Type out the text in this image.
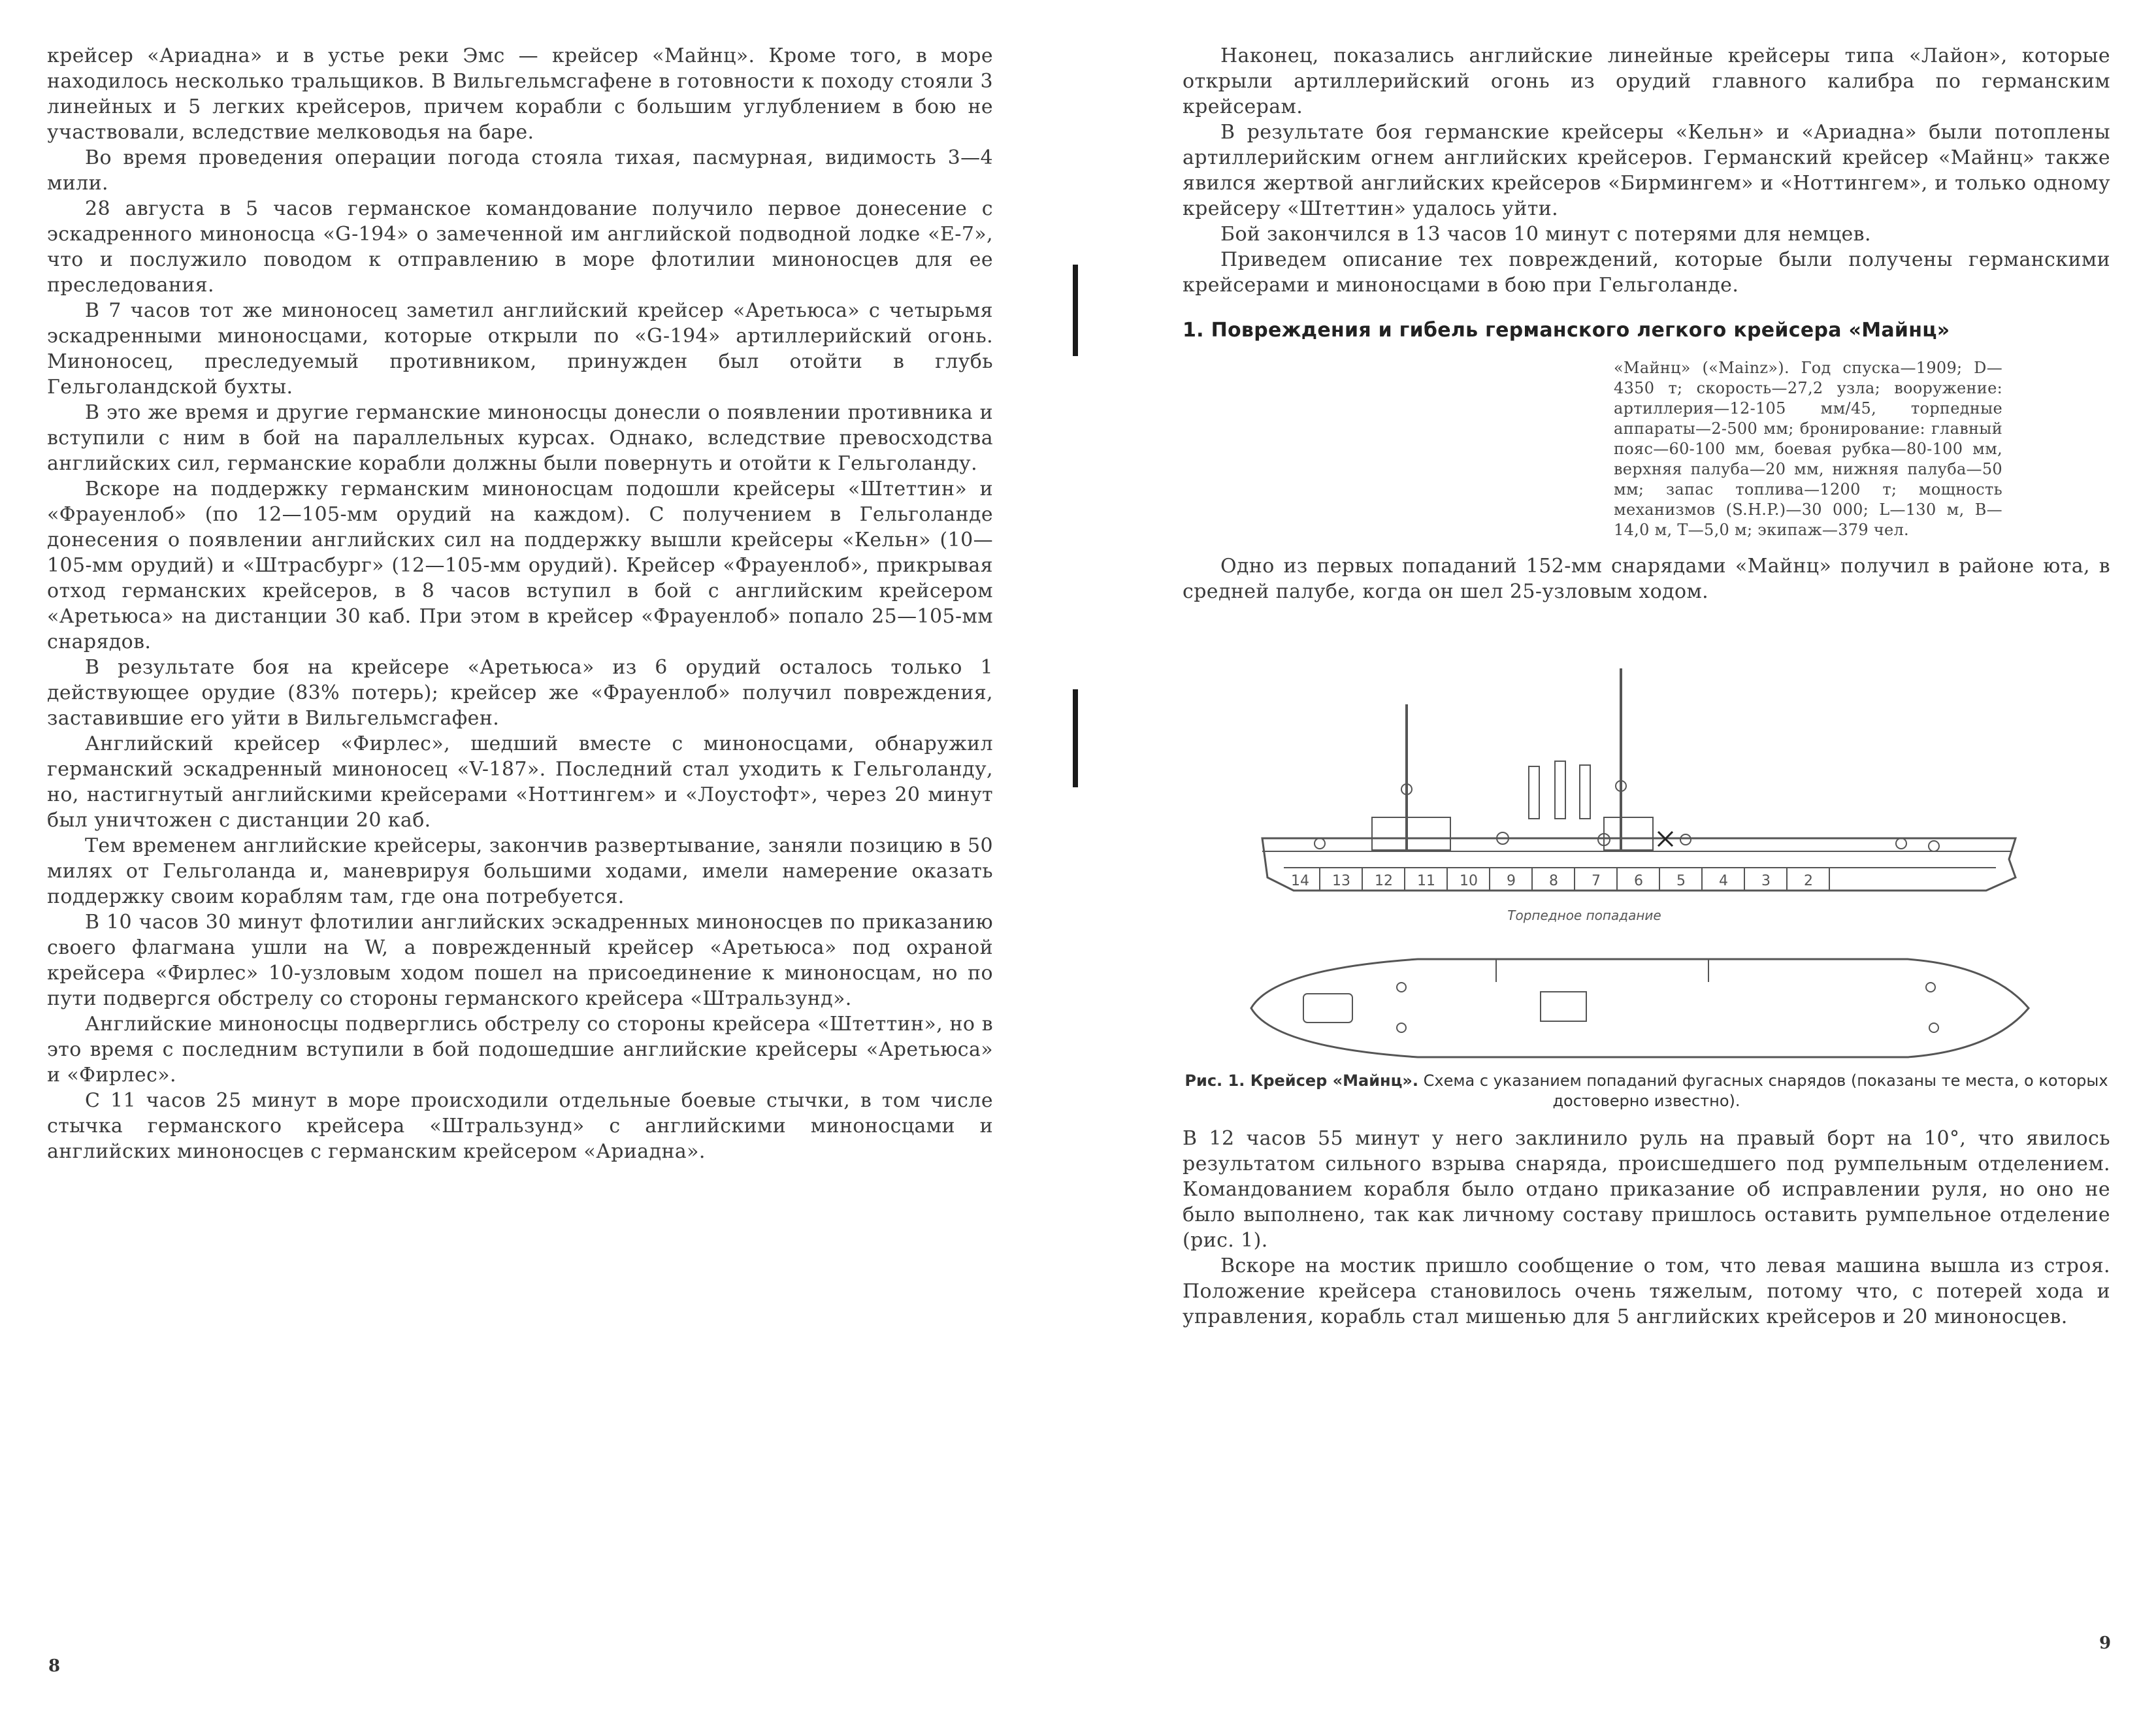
крейсер «Ариадна» и в устье реки Эмс — крейсер «Майнц». Кроме того, в море находилось несколько тральщиков. В Вильгельмсгафене в готовности к походу стояли 3 линейных и 5 легких крейсеров, причем корабли с большим углублением в бою не участвовали, вследствие мелководья на баре.

Во время проведения операции погода стояла тихая, пасмурная, видимость 3—4 мили.

28 августа в 5 часов германское командование получило первое донесение с эскадренного миноносца «G-194» о замеченной им английской подводной лодке «Е-7», что и послужило поводом к отправлению в море флотилии миноносцев для ее преследования.

В 7 часов тот же миноносец заметил английский крейсер «Аретьюса» с четырьмя эскадренными миноносцами, которые открыли по «G-194» артиллерийский огонь. Миноносец, преследуемый противником, принужден был отойти в глубь Гельголандской бухты.

В это же время и другие германские миноносцы донесли о появлении противника и вступили с ним в бой на параллельных курсах. Однако, вследствие превосходства английских сил, германские корабли должны были повернуть и отойти к Гельголанду.

Вскоре на поддержку германским миноносцам подошли крейсеры «Штеттин» и «Фрауенлоб» (по 12—105-мм орудий на каждом). С получением в Гельголанде донесения о появлении английских сил на поддержку вышли крейсеры «Кельн» (10—105-мм орудий) и «Штрасбург» (12—105-мм орудий). Крейсер «Фрауенлоб», прикрывая отход германских крейсеров, в 8 часов вступил в бой с английским крейсером «Аретьюса» на дистанции 30 каб. При этом в крейсер «Фрауенлоб» попало 25—105-мм снарядов.

В результате боя на крейсере «Аретьюса» из 6 орудий осталось только 1 действующее орудие (83% потерь); крейсер же «Фрауенлоб» получил повреждения, заставившие его уйти в Вильгельмсгафен.

Английский крейсер «Фирлес», шедший вместе с миноносцами, обнаружил германский эскадренный миноносец «V-187». Последний стал уходить к Гельголанду, но, настигнутый английскими крейсерами «Ноттингем» и «Лоустофт», через 20 минут был уничтожен с дистанции 20 каб.

Тем временем английские крейсеры, закончив развертывание, заняли позицию в 50 милях от Гельголанда и, маневрируя большими ходами, имели намерение оказать поддержку своим кораблям там, где она потребуется.

В 10 часов 30 минут флотилии английских эскадренных миноносцев по приказанию своего флагмана ушли на W, а поврежденный крейсер «Аретьюса» под охраной крейсера «Фирлес» 10-узловым ходом пошел на присоединение к миноносцам, но по пути подвергся обстрелу со стороны германского крейсера «Штральзунд».

Английские миноносцы подверглись обстрелу со стороны крейсера «Штеттин», но в это время с последним вступили в бой подошедшие английские крейсеры «Аретьюса» и «Фирлес».

С 11 часов 25 минут в море происходили отдельные боевые стычки, в том числе стычка германского крейсера «Штральзунд» с английскими миноносцами и английских миноносцев с германским крейсером «Ариадна».

8

Наконец, показались английские линейные крейсеры типа «Лайон», которые открыли артиллерийский огонь из орудий главного калибра по германским крейсерам.

В результате боя германские крейсеры «Кельн» и «Ариадна» были потоплены артиллерийским огнем английских крейсеров. Германский крейсер «Майнц» также явился жертвой английских крейсеров «Бирмингем» и «Ноттингем», и только одному крейсеру «Штеттин» удалось уйти.

Бой закончился в 13 часов 10 минут с потерями для немцев.

Приведем описание тех повреждений, которые были получены германскими крейсерами и миноносцами в бою при Гельголанде.

1. Повреждения и гибель германского легкого крейсера «Майнц»
«Майнц» («Mainz»). Год спуска—1909; D—4350 т; скорость—27,2 узла; вооружение: артиллерия—12-105 мм/45, торпедные аппараты—2-500 мм; бронирование: главный пояс—60-100 мм, боевая рубка—80-100 мм, верхняя палуба—20 мм, нижняя палуба—50 мм; запас топлива—1200 т; мощность механизмов (S.H.P.)—30 000; L—130 м, B—14,0 м, T—5,0 м; экипаж—379 чел.

Одно из первых попаданий 152-мм снарядами «Майнц» получил в районе юта, в средней палубе, когда он шел 25-узловым ходом.

14 13 12 11 10 9 8 7 6 5 4 3 2
Торпедное попадание
Рис. 1. Крейсер «Майнц». Схема с указанием попаданий фугасных снарядов (показаны те места, о которых достоверно известно).

В 12 часов 55 минут у него заклинило руль на правый борт на 10°, что явилось результатом сильного взрыва снаряда, происшедшего под румпельным отделением. Командованием корабля было отдано приказание об исправлении руля, но оно не было выполнено, так как личному составу пришлось оставить румпельное отделение (рис. 1).

Вскоре на мостик пришло сообщение о том, что левая машина вышла из строя. Положение крейсера становилось очень тяжелым, потому что, с потерей хода и управления, корабль стал мишенью для 5 английских крейсеров и 20 миноносцев.

9
